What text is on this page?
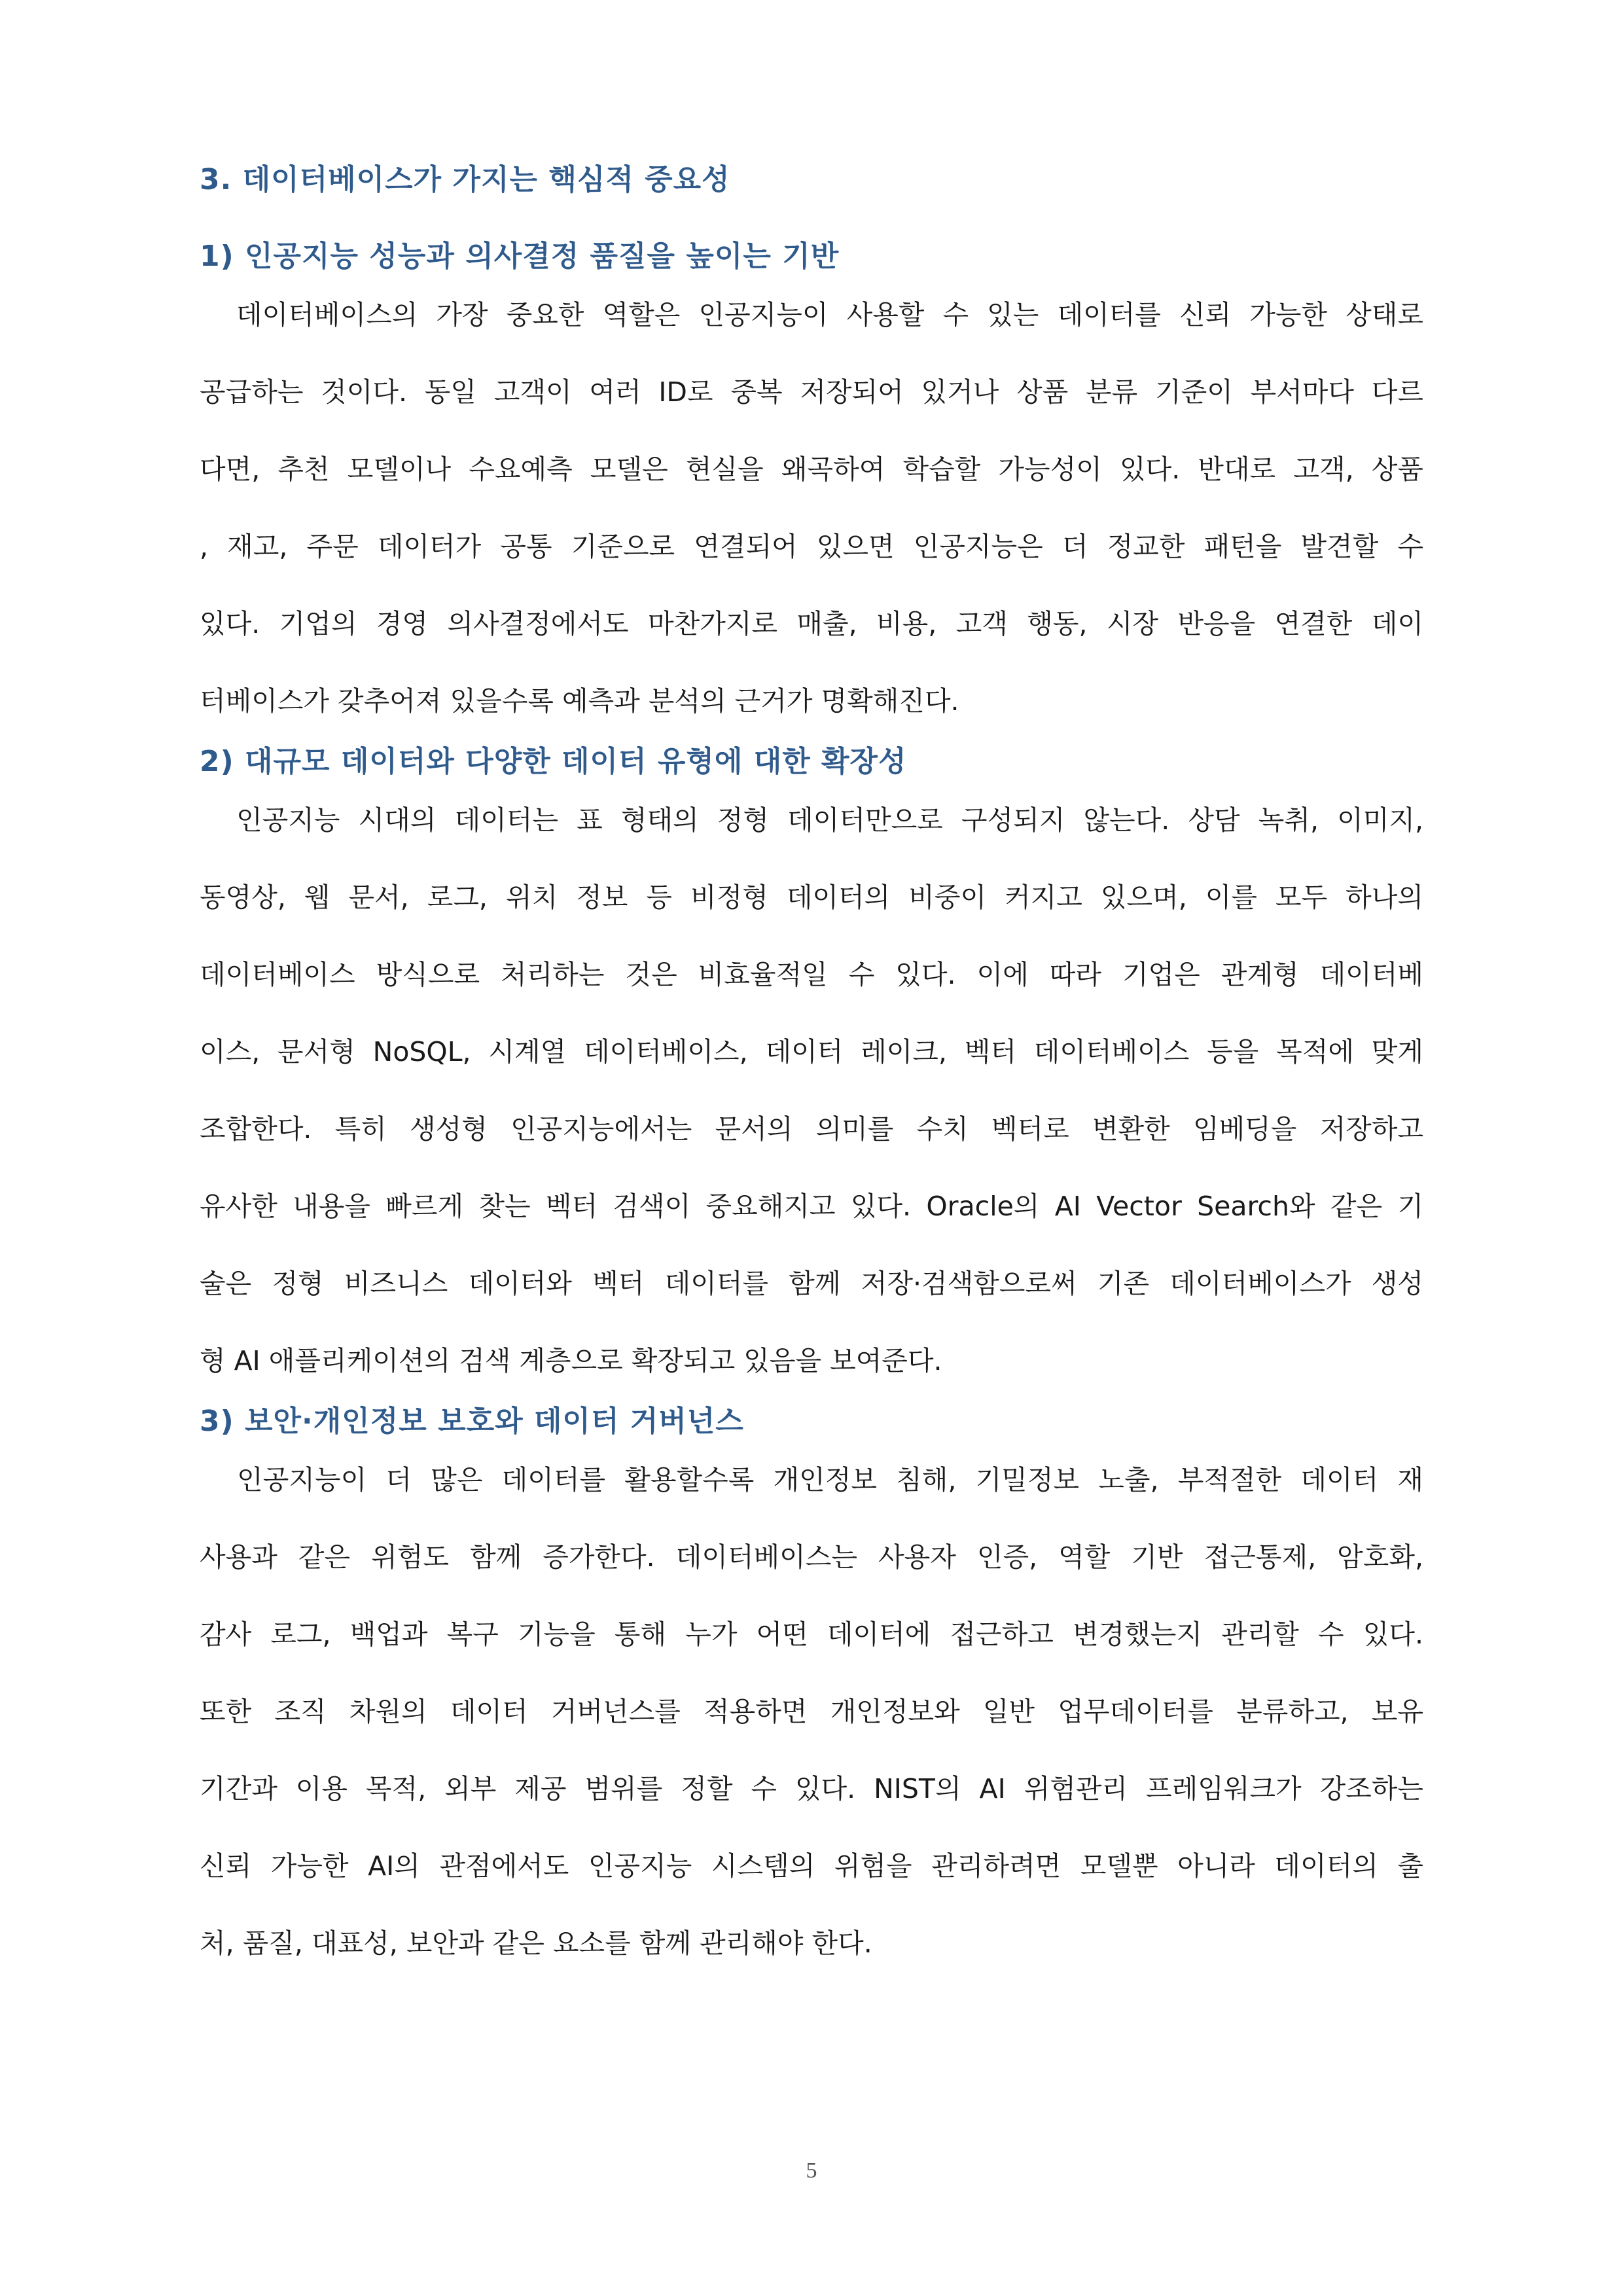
3. 데이터베이스가 가지는 핵심적 중요성
1) 인공지능 성능과 의사결정 품질을 높이는 기반
　데이터베이스의 가장 중요한 역할은 인공지능이 사용할 수 있는 데이터를 신뢰 가능한 상태로
공급하는 것이다. 동일 고객이 여러 ID로 중복 저장되어 있거나 상품 분류 기준이 부서마다 다르
다면, 추천 모델이나 수요예측 모델은 현실을 왜곡하여 학습할 가능성이 있다. 반대로 고객, 상품
, 재고, 주문 데이터가 공통 기준으로 연결되어 있으면 인공지능은 더 정교한 패턴을 발견할 수
있다. 기업의 경영 의사결정에서도 마찬가지로 매출, 비용, 고객 행동, 시장 반응을 연결한 데이
터베이스가 갖추어져 있을수록 예측과 분석의 근거가 명확해진다.
2) 대규모 데이터와 다양한 데이터 유형에 대한 확장성
　인공지능 시대의 데이터는 표 형태의 정형 데이터만으로 구성되지 않는다. 상담 녹취, 이미지,
동영상, 웹 문서, 로그, 위치 정보 등 비정형 데이터의 비중이 커지고 있으며, 이를 모두 하나의
데이터베이스 방식으로 처리하는 것은 비효율적일 수 있다. 이에 따라 기업은 관계형 데이터베
이스, 문서형 NoSQL, 시계열 데이터베이스, 데이터 레이크, 벡터 데이터베이스 등을 목적에 맞게
조합한다. 특히 생성형 인공지능에서는 문서의 의미를 수치 벡터로 변환한 임베딩을 저장하고
유사한 내용을 빠르게 찾는 벡터 검색이 중요해지고 있다. Oracle의 AI Vector Search와 같은 기
술은 정형 비즈니스 데이터와 벡터 데이터를 함께 저장·검색함으로써 기존 데이터베이스가 생성
형 AI 애플리케이션의 검색 계층으로 확장되고 있음을 보여준다.
3) 보안·개인정보 보호와 데이터 거버넌스
　인공지능이 더 많은 데이터를 활용할수록 개인정보 침해, 기밀정보 노출, 부적절한 데이터 재
사용과 같은 위험도 함께 증가한다. 데이터베이스는 사용자 인증, 역할 기반 접근통제, 암호화,
감사 로그, 백업과 복구 기능을 통해 누가 어떤 데이터에 접근하고 변경했는지 관리할 수 있다.
또한 조직 차원의 데이터 거버넌스를 적용하면 개인정보와 일반 업무데이터를 분류하고, 보유
기간과 이용 목적, 외부 제공 범위를 정할 수 있다. NIST의 AI 위험관리 프레임워크가 강조하는
신뢰 가능한 AI의 관점에서도 인공지능 시스템의 위험을 관리하려면 모델뿐 아니라 데이터의 출
처, 품질, 대표성, 보안과 같은 요소를 함께 관리해야 한다.
5
